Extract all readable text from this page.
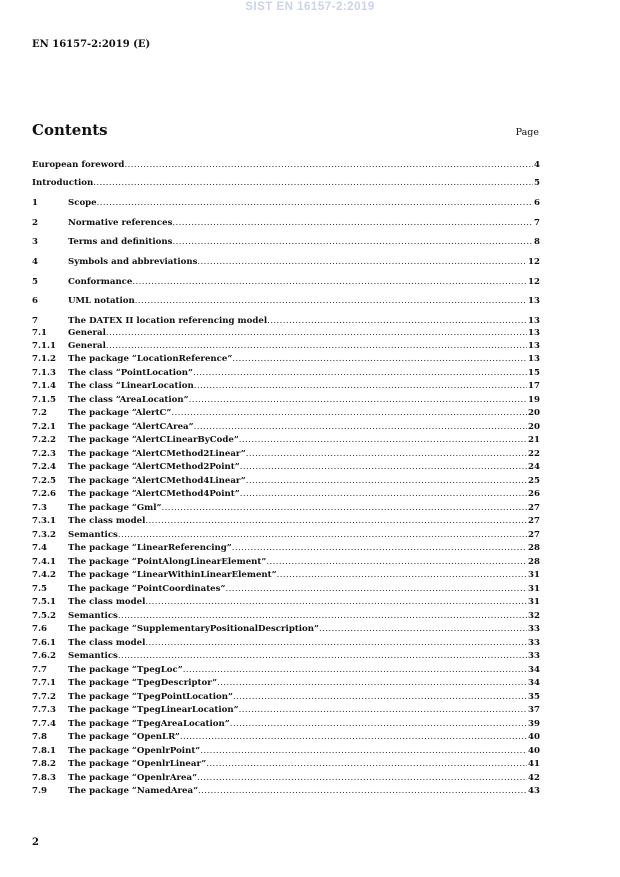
SIST EN 16157-2:2019
EN 16157-2:2019 (E)
Contents	Page
European foreword .....	4
Introduction .....	5
1	Scope .....	6
2	Normative references .....	7
3	Terms and definitions .....	8
4	Symbols and abbreviations .....	12
5	Conformance .....	12
6	UML notation .....	13
7	The DATEX II location referencing model .....	13
7.1	General .....	13
7.1.1	General .....	13
7.1.2	The package “LocationReference” .....	13
7.1.3	The class “PointLocation” .....	15
7.1.4	The class “LinearLocation .....	17
7.1.5	The class “AreaLocation” .....	19
7.2	The package “AlertC” .....	20
7.2.1	The package “AlertCArea” .....	20
7.2.2	The package “AlertCLinearByCode” .....	21
7.2.3	The package “AlertCMethod2Linear” .....	22
7.2.4	The package “AlertCMethod2Point” .....	24
7.2.5	The package “AlertCMethod4Linear” .....	25
7.2.6	The package “AlertCMethod4Point” .....	26
7.3	The package “Gml” .....	27
7.3.1	The class model .....	27
7.3.2	Semantics .....	27
7.4	The package “LinearReferencing” .....	28
7.4.1	The package “PointAlongLinearElement” .....	28
7.4.2	The package “LinearWithinLinearElement” .....	31
7.5	The package “PointCoordinates” .....	31
7.5.1	The class model .....	31
7.5.2	Semantics .....	32
7.6	The package “SupplementaryPositionalDescription” .....	33
7.6.1	The class model .....	33
7.6.2	Semantics .....	33
7.7	The package “TpegLoc” .....	34
7.7.1	The package “TpegDescriptor” .....	34
7.7.2	The package “TpegPointLocation” .....	35
7.7.3	The package “TpegLinearLocation” .....	37
7.7.4	The package “TpegAreaLocation” .....	39
7.8	The package “OpenLR” .....	40
7.8.1	The package “OpenlrPoint” .....	40
7.8.2	The package “OpenlrLinear” .....	41
7.8.3	The package “OpenlrArea” .....	42
7.9	The package “NamedArea” .....	43
2
